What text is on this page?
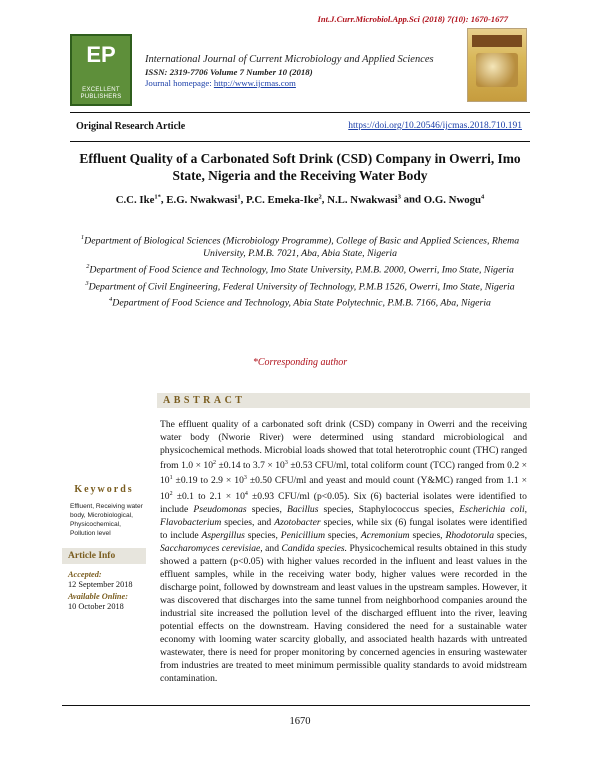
Int.J.Curr.Microbiol.App.Sci (2018) 7(10): 1670-1677
EP
EXCELLENT PUBLISHERS
International Journal of Current Microbiology and Applied Sciences
ISSN: 2319-7706 Volume 7 Number 10 (2018)
Journal homepage: http://www.ijcmas.com
Original Research Article	https://doi.org/10.20546/ijcmas.2018.710.191
Effluent Quality of a Carbonated Soft Drink (CSD) Company in Owerri, Imo State, Nigeria and the Receiving Water Body
C.C. Ike$^{1*}$, E.G. Nwakwasi$^1$, P.C. Emeka-Ike$^2$, N.L. Nwakwasi$^3$ and O.G. Nwogu$^4$
$^1$Department of Biological Sciences (Microbiology Programme), College of Basic and Applied Sciences, Rhema University, P.M.B. 7021, Aba, Abia State, Nigeria
$^2$Department of Food Science and Technology, Imo State University, P.M.B. 2000, Owerri, Imo State, Nigeria
$^3$Department of Civil Engineering, Federal University of Technology, P.M.B 1526, Owerri, Imo State, Nigeria
$^4$Department of Food Science and Technology, Abia State Polytechnic, P.M.B. 7166, Aba, Nigeria
*Corresponding author
ABSTRACT
The effluent quality of a carbonated soft drink (CSD) company in Owerri and the receiving water body (Nworie River) were determined using standard microbiological and physicochemical methods. Microbial loads showed that total heterotrophic count (THC) ranged from $1.0 \times 10^2 \pm 0.14$ to $3.7 \times 10^3 \pm 0.53$ CFU/ml, total coliform count (TCC) ranged from $0.2 \times 10^1 \pm 0.19$ to $2.9 \times 10^3 \pm 0.50$ CFU/ml and yeast and mould count (Y&MC) ranged from $1.1 \times 10^2 \pm 0.1$ to $2.1 \times 10^4 \pm 0.93$ CFU/ml (p<0.05). Six (6) bacterial isolates were identified to include Pseudomonas species, Bacillus species, Staphylococcus species, Escherichia coli, Flavobacterium species, and Azotobacter species, while six (6) fungal isolates were identified to include Aspergillus species, Penicillium species, Acremonium species, Rhodotorula species, Saccharomyces cerevisiae, and Candida species. Physicochemical results obtained in this study showed a pattern (p<0.05) with higher values recorded in the influent and least values in the effluent samples, while in the receiving water body, higher values were recorded in the discharge point, followed by downstream and least values in the upstream samples. However, it was discovered that discharges into the same tunnel from neighborhood companies around the industrial site increased the pollution level of the discharged effluent into the river, leaving potential effects on the downstream. Having considered the need for a sustainable water economy with looming water scarcity globally, and associated health hazards with untreated wastewater, there is need for proper monitoring by concerned agencies in ensuring wastewater from industries are treated to meet minimum permissible quality standards to avoid midstream contamination.
Keywords
Effluent, Receiving water body, Microbiological, Physicochemical, Pollution level
Article Info
Accepted:
12 September 2018
Available Online:
10 October 2018
1670
